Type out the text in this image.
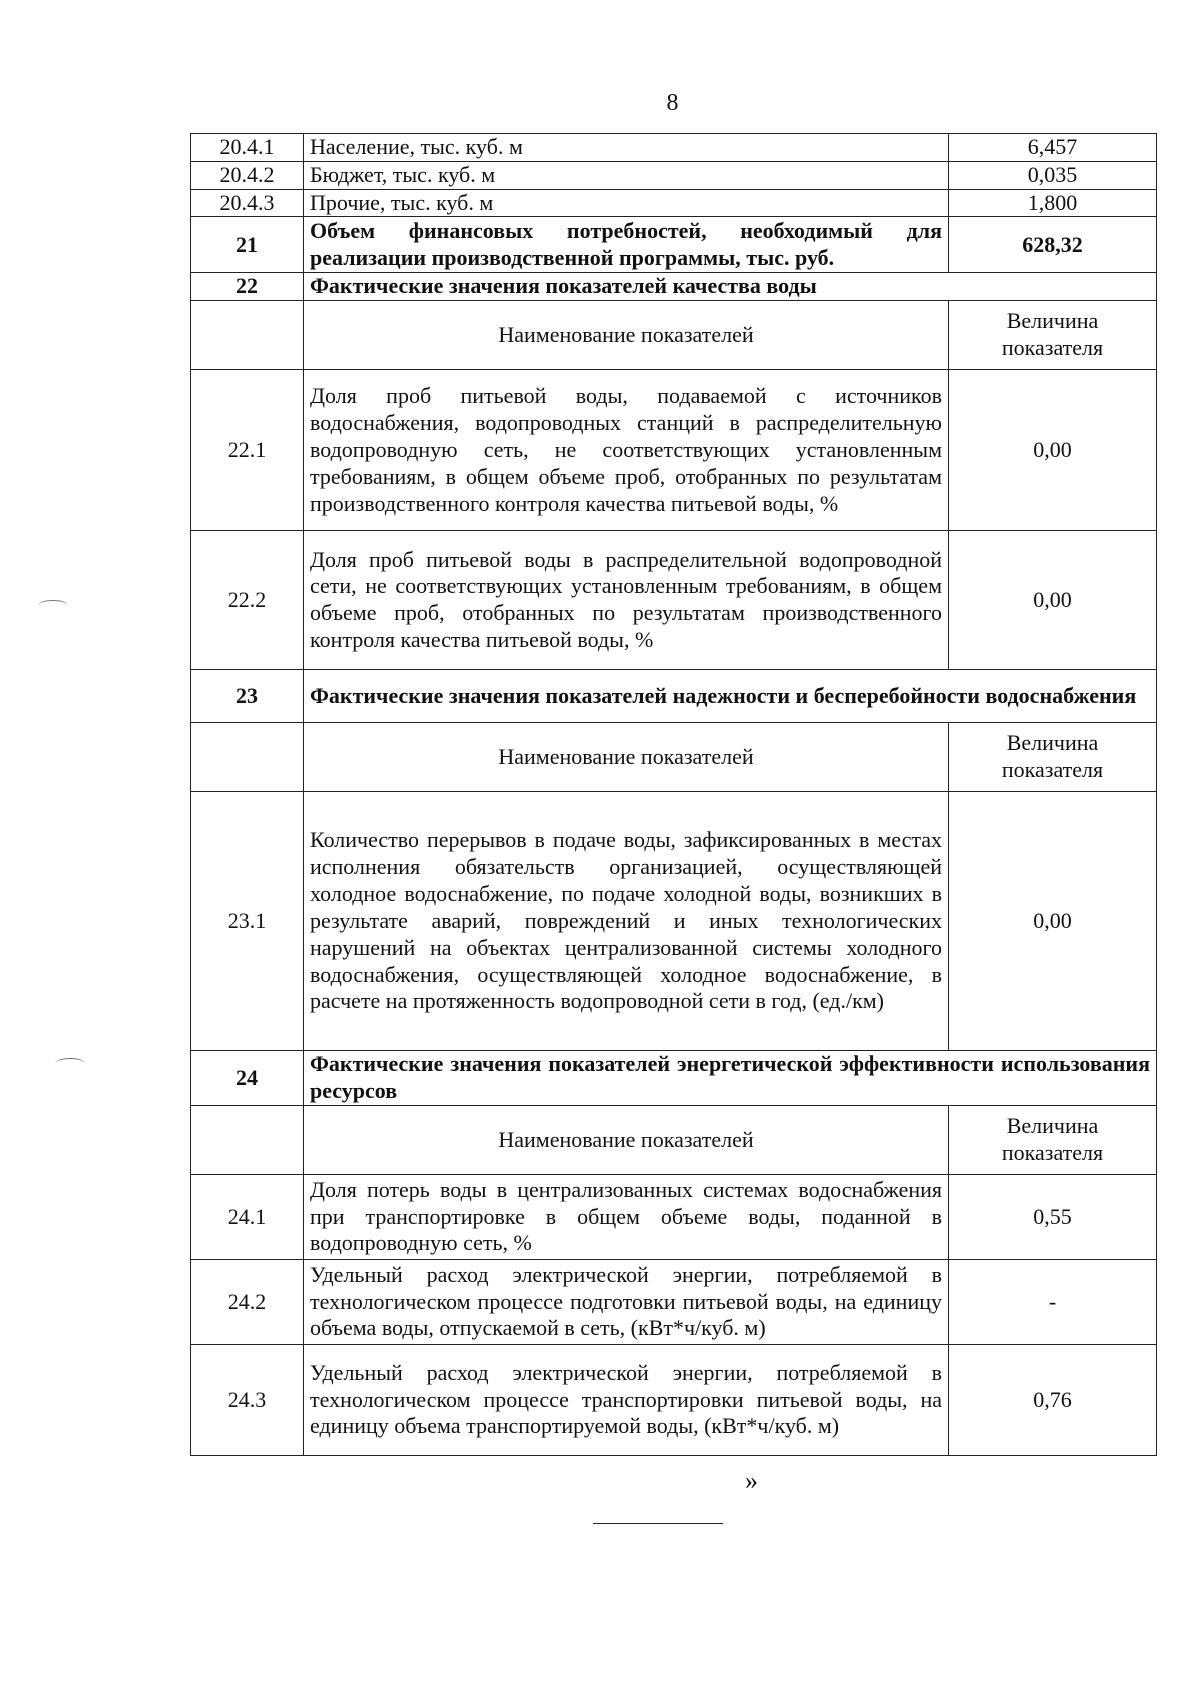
8
20.4.1	Население, тыс. куб. м	6,457
20.4.2	Бюджет, тыс. куб. м	0,035
20.4.3	Прочие, тыс. куб. м	1,800
21	Объем финансовых потребностей, необходимый для реализации производственной программы, тыс. руб.	628,32
22	Фактические значения показателей качества воды	
	Наименование показателей	Величина показателя
22.1	Доля проб питьевой воды, подаваемой с источников водоснабжения, водопроводных станций в распределительную водопроводную сеть, не соответствующих установленным требованиям, в общем объеме проб, отобранных по результатам производственного контроля качества питьевой воды, %	0,00
22.2	Доля проб питьевой воды в распределительной водопроводной сети, не соответствующих установленным требованиям, в общем объеме проб, отобранных по результатам производственного контроля качества питьевой воды, %	0,00
23	Фактические значения показателей надежности и бесперебойности водоснабжения	
	Наименование показателей	Величина показателя
23.1	Количество перерывов в подаче воды, зафиксированных в местах исполнения обязательств организацией, осуществляющей холодное водоснабжение, по подаче холодной воды, возникших в результате аварий, повреждений и иных технологических нарушений на объектах централизованной системы холодного водоснабжения, осуществляющей холодное водоснабжение, в расчете на протяженность водопроводной сети в год, (ед./км)	0,00
24	Фактические значения показателей энергетической эффективности использования ресурсов	
	Наименование показателей	Величина показателя
24.1	Доля потерь воды в централизованных системах водоснабжения при транспортировке в общем объеме воды, поданной в водопроводную сеть, %	0,55
24.2	Удельный расход электрической энергии, потребляемой в технологическом процессе подготовки питьевой воды, на единицу объема воды, отпускаемой в сеть, (кВт*ч/куб. м)	-
24.3	Удельный расход электрической энергии, потребляемой в технологическом процессе транспортировки питьевой воды, на единицу объема транспортируемой воды, (кВт*ч/куб. м)	0,76
»
